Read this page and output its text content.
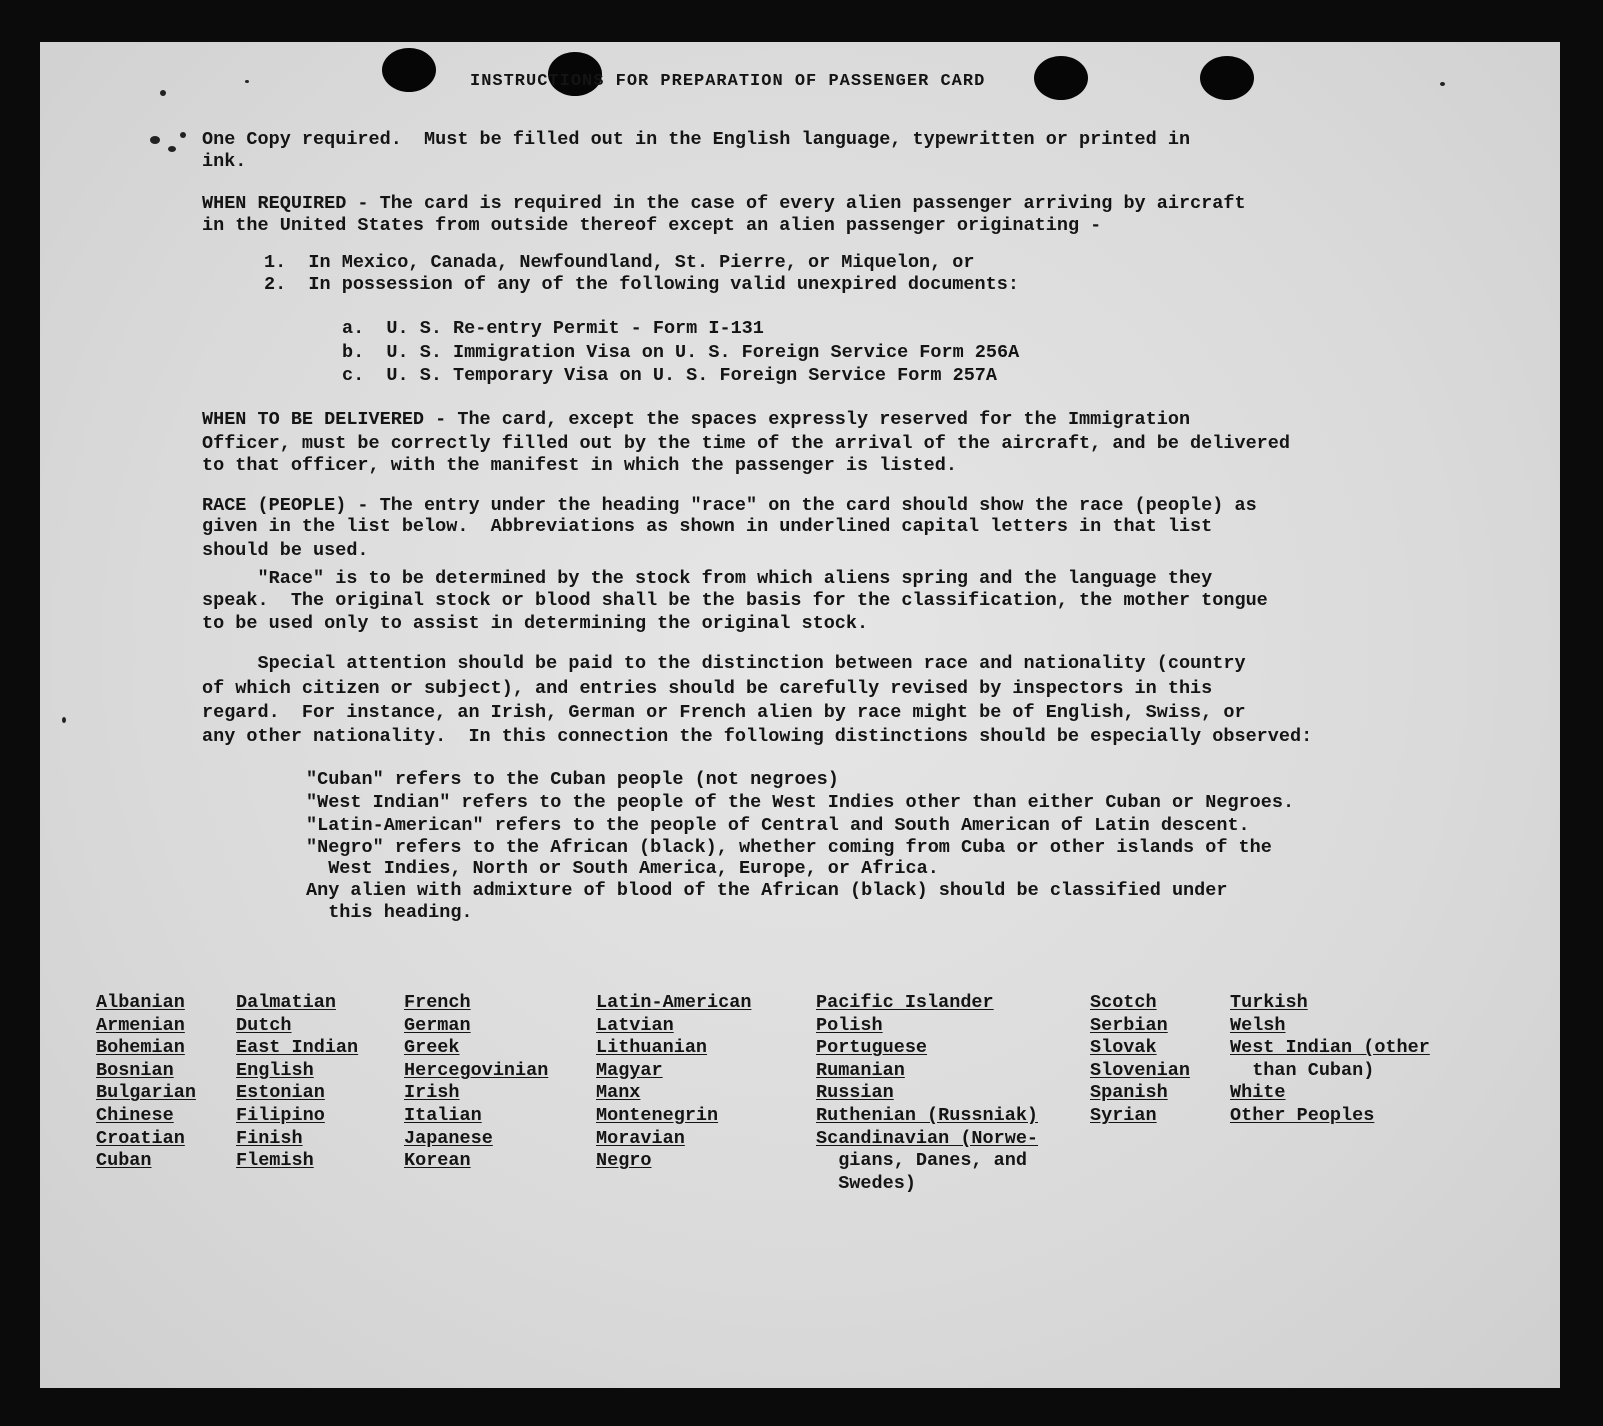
INSTRUCTIONS FOR PREPARATION OF PASSENGER CARD
One Copy required.  Must be filled out in the English language, typewritten or printed in
ink.
WHEN REQUIRED - The card is required in the case of every alien passenger arriving by aircraft
in the United States from outside thereof except an alien passenger originating -
1.  In Mexico, Canada, Newfoundland, St. Pierre, or Miquelon, or
2.  In possession of any of the following valid unexpired documents:
a.  U. S. Re-entry Permit - Form I-131
b.  U. S. Immigration Visa on U. S. Foreign Service Form 256A
c.  U. S. Temporary Visa on U. S. Foreign Service Form 257A
WHEN TO BE DELIVERED - The card, except the spaces expressly reserved for the Immigration
Officer, must be correctly filled out by the time of the arrival of the aircraft, and be delivered
to that officer, with the manifest in which the passenger is listed.
RACE (PEOPLE) - The entry under the heading "race" on the card should show the race (people) as
given in the list below.  Abbreviations as shown in underlined capital letters in that list
should be used.
"Race" is to be determined by the stock from which aliens spring and the language they
speak.  The original stock or blood shall be the basis for the classification, the mother tongue
to be used only to assist in determining the original stock.
Special attention should be paid to the distinction between race and nationality (country
of which citizen or subject), and entries should be carefully revised by inspectors in this
regard.  For instance, an Irish, German or French alien by race might be of English, Swiss, or
any other nationality.  In this connection the following distinctions should be especially observed:
"Cuban" refers to the Cuban people (not negroes)
"West Indian" refers to the people of the West Indies other than either Cuban or Negroes.
"Latin-American" refers to the people of Central and South American of Latin descent.
"Negro" refers to the African (black), whether coming from Cuba or other islands of the
West Indies, North or South America, Europe, or Africa.
Any alien with admixture of blood of the African (black) should be classified under
this heading.
Albanian
Armenian
Bohemian
Bosnian
Bulgarian
Chinese
Croatian
Cuban
Dalmatian
Dutch
East Indian
English
Estonian
Filipino
Finish
Flemish
French
German
Greek
Hercegovinian
Irish
Italian
Japanese
Korean
Latin-American
Latvian
Lithuanian
Magyar
Manx
Montenegrin
Moravian
Negro
Pacific Islander
Polish
Portuguese
Rumanian
Russian
Ruthenian (Russniak)
Scandinavian (Norwe-
gians, Danes, and
Swedes)
Scotch
Serbian
Slovak
Slovenian
Spanish
Syrian
Turkish
Welsh
West Indian (other
than Cuban)
White
Other Peoples
